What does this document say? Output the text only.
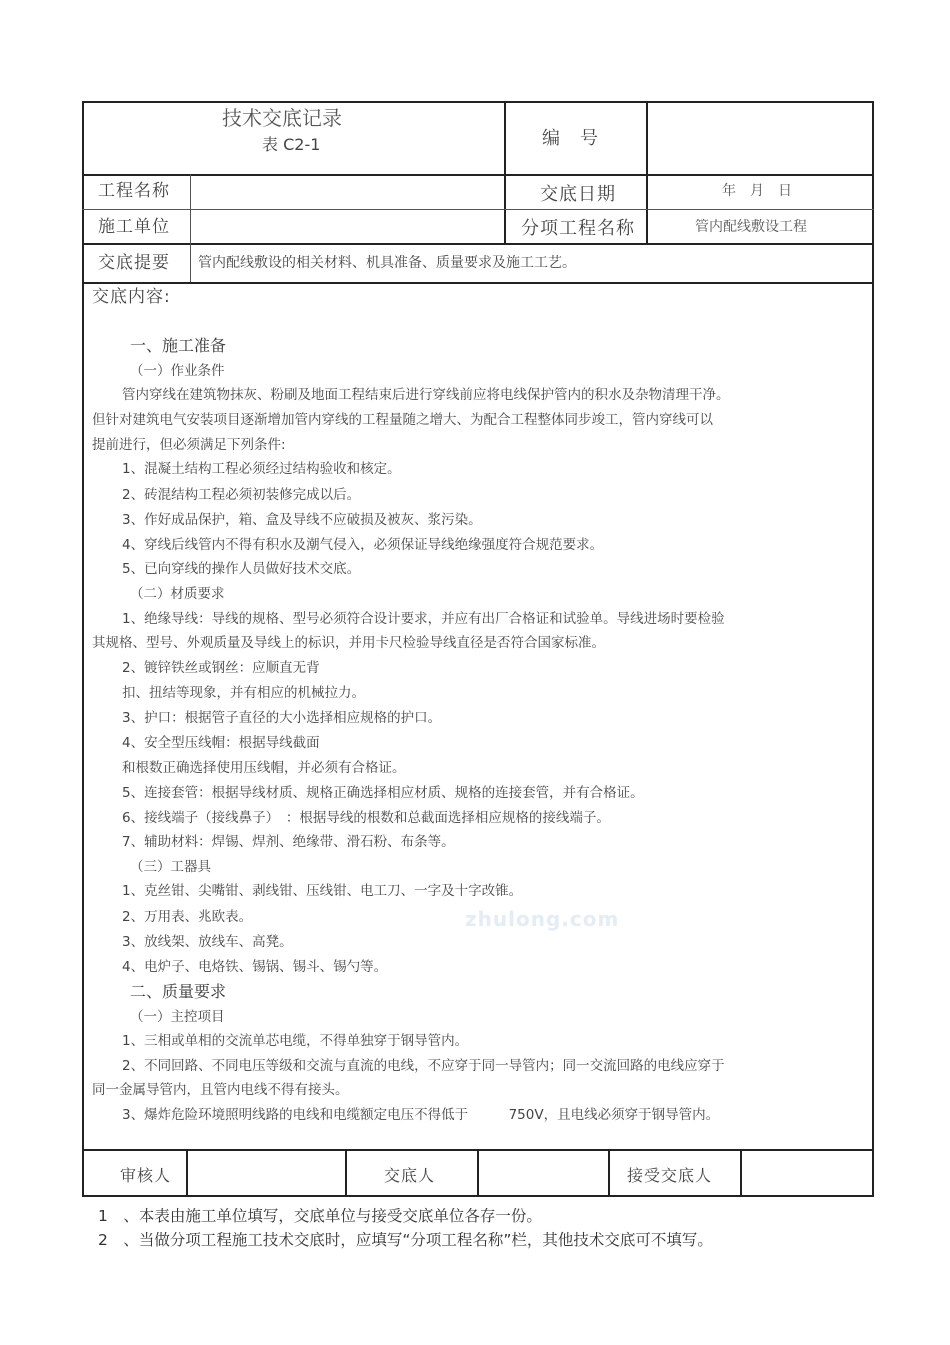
技术交底记录
表 C2-1	编　号
工程名称	交底日期	年　月　日
施工单位	分项工程名称	管内配线敷设工程
交底提要 管内配线敷设的相关材料、机具准备、质量要求及施工工艺。
交底内容:
一、施工准备
（一）作业条件
管内穿线在建筑物抹灰、粉刷及地面工程结束后进行穿线前应将电线保护管内的积水及杂物清理干净。
但针对建筑电气安装项目逐渐增加管内穿线的工程量随之增大、为配合工程整体同步竣工，管内穿线可以
提前进行，但必须满足下列条件:
1、混凝土结构工程必须经过结构验收和核定。
2、砖混结构工程必须初装修完成以后。
3、作好成品保护，箱、盒及导线不应破损及被灰、浆污染。
4、穿线后线管内不得有积水及潮气侵入，必须保证导线绝缘强度符合规范要求。
5、已向穿线的操作人员做好技术交底。
（二）材质要求
1、绝缘导线：导线的规格、型号必须符合设计要求，并应有出厂合格证和试验单。导线进场时要检验
其规格、型号、外观质量及导线上的标识，并用卡尺检验导线直径是否符合国家标准。
2、镀锌铁丝或钢丝：应顺直无背
扣、扭结等现象，并有相应的机械拉力。
3、护口：根据管子直径的大小选择相应规格的护口。
4、安全型压线帽：根据导线截面
和根数正确选择使用压线帽，并必须有合格证。
5、连接套管：根据导线材质、规格正确选择相应材质、规格的连接套管，并有合格证。
6、接线端子（接线鼻子）　：根据导线的根数和总截面选择相应规格的接线端子。
7、辅助材料：焊锡、焊剂、绝缘带、滑石粉、布条等。
（三）工器具
1、克丝钳、尖嘴钳、剥线钳、压线钳、电工刀、一字及十字改锥。
2、万用表、兆欧表。
3、放线架、放线车、高凳。
4、电炉子、电烙铁、锡锅、锡斗、锡勺等。
二、质量要求
（一）主控项目
1、三相或单相的交流单芯电缆，不得单独穿于钢导管内。
2、不同回路、不同电压等级和交流与直流的电线，不应穿于同一导管内；同一交流回路的电线应穿于
同一金属导管内，且管内电线不得有接头。
3、爆炸危险环境照明线路的电线和电缆额定电压不得低于　　　750V，且电线必须穿于钢导管内。
zhulong.com
审核人	交底人	接受交底人
1　、本表由施工单位填写，交底单位与接受交底单位各存一份。
2　、当做分项工程施工技术交底时，应填写“分项工程名称”栏，其他技术交底可不填写。
